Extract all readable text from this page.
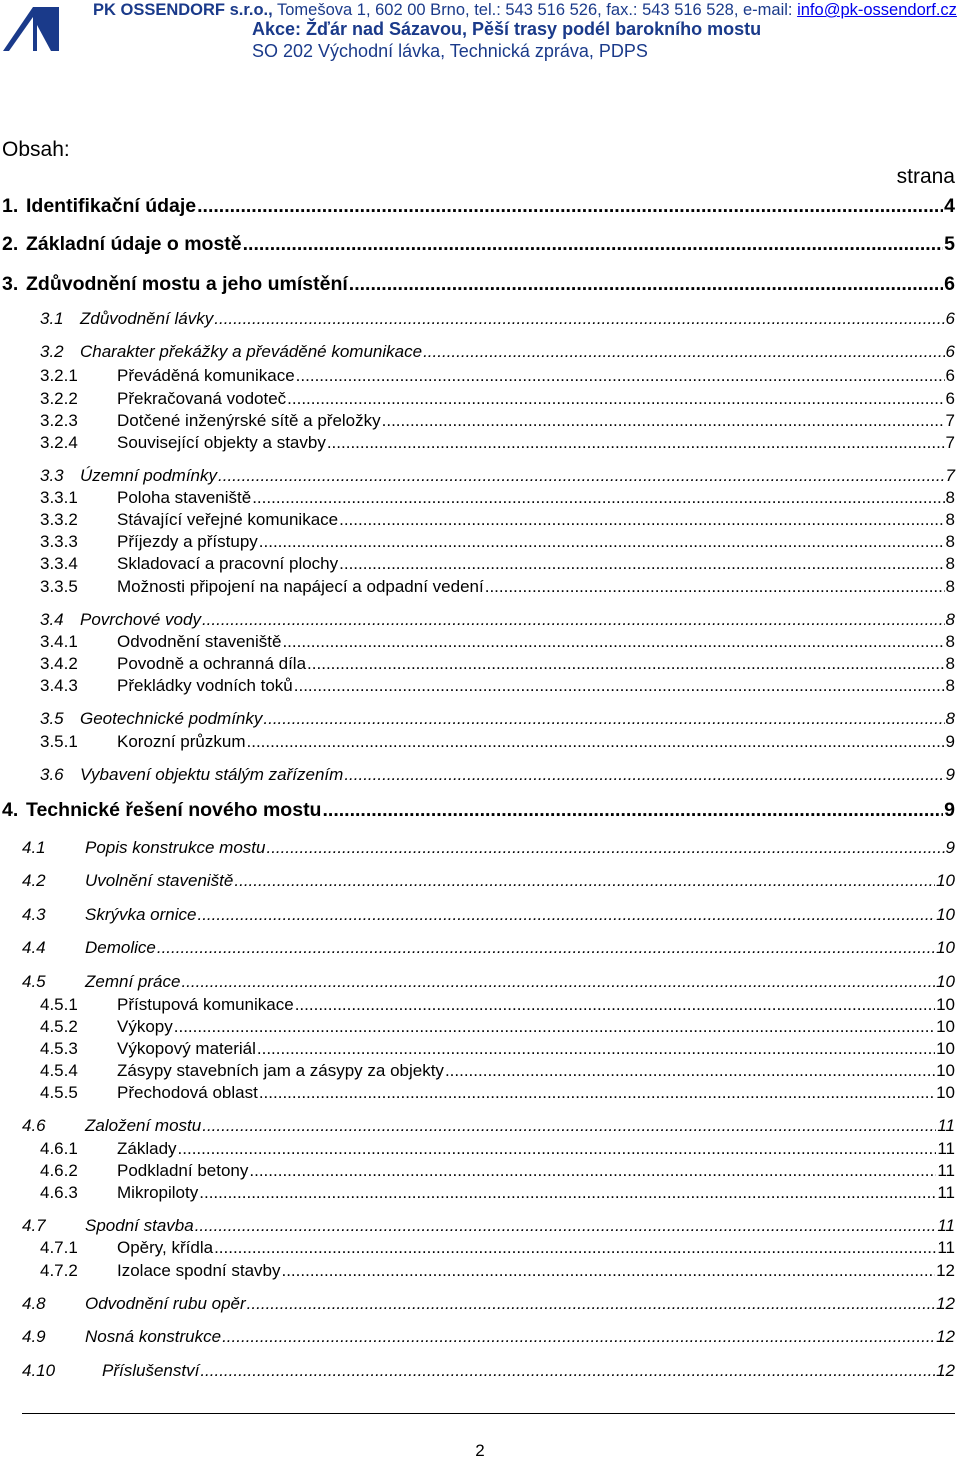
PK OSSENDORF s.r.o., Tomešova 1, 602 00 Brno, tel.: 543 516 526, fax.: 543 516 528, e-mail: info@pk-ossendorf.cz
Akce: Žďár nad Sázavou, Pěší trasy podél barokního mostu
SO 202 Východní lávka, Technická zpráva, PDPS
Obsah:
strana
1. Identifikační údaje .....	4
2. Základní údaje o mostě .....	5
3. Zdůvodnění mostu a jeho umístění .....	6
3.1 Zdůvodnění lávky .....	6
3.2 Charakter překážky a převáděné komunikace .....	6
3.2.1	Převáděná komunikace .....	6
3.2.2	Překračovaná vodoteč .....	6
3.2.3	Dotčené inženýrské sítě a přeložky .....	7
3.2.4	Související objekty a stavby .....	7
3.3 Územní podmínky .....	7
3.3.1	Poloha staveniště .....	8
3.3.2	Stávající veřejné komunikace .....	8
3.3.3	Příjezdy a přístupy .....	8
3.3.4	Skladovací a pracovní plochy .....	8
3.3.5	Možnosti připojení na napájecí a odpadní vedení .....	8
3.4 Povrchové vody .....	8
3.4.1	Odvodnění staveniště .....	8
3.4.2	Povodně a ochranná díla .....	8
3.4.3	Překládky vodních toků .....	8
3.5 Geotechnické podmínky .....	8
3.5.1	Korozní průzkum .....	9
3.6 Vybavení objektu stálým zařízením .....	9
4. Technické řešení nového mostu .....	9
4.1	Popis konstrukce mostu .....	9
4.2	Uvolnění staveniště .....	10
4.3	Skrývka ornice .....	10
4.4	Demolice .....	10
4.5	Zemní práce .....	10
4.5.1	Přístupová komunikace .....	10
4.5.2	Výkopy .....	10
4.5.3	Výkopový materiál .....	10
4.5.4	Zásypy stavebních jam a zásypy za objekty .....	10
4.5.5	Přechodová oblast .....	10
4.6	Založení mostu .....	11
4.6.1	Základy .....	11
4.6.2	Podkladní betony .....	11
4.6.3	Mikropiloty .....	11
4.7	Spodní stavba .....	11
4.7.1	Opěry, křídla .....	11
4.7.2	Izolace spodní stavby .....	12
4.8	Odvodnění rubu opěr .....	12
4.9	Nosná konstrukce .....	12
4.10	Příslušenství .....	12
2
